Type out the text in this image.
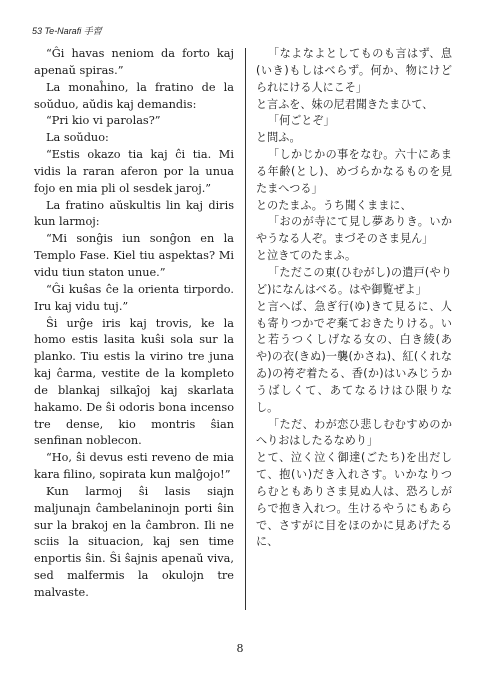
53 Te-Narafi 手習

“Ĝi havas neniom da forto kaj apenaŭ spiras.”

La monaĥino, la fratino de la soŭduo, aŭdis kaj demandis:

“Pri kio vi parolas?”

La soŭduo:

“Estis okazo tia kaj ĉi tia. Mi vidis la raran aferon por la unua fojo en mia pli ol sesdek jaroj.”

La fratino aŭskultis lin kaj diris kun larmoj:

“Mi sonĝis iun sonĝon en la Templo Fase. Kiel tiu aspektas? Mi vidu tiun staton unue.”

“Ĝi kuŝas ĉe la orienta tirpordo. Iru kaj vidu tuj.”

Ŝi urĝe iris kaj trovis, ke la homo estis lasita kuŝi sola sur la planko. Tiu estis la virino tre juna kaj ĉarma, vestite de la kompleto de blankaj silkaĵoj kaj skarlata hakamo. De ŝi odoris bona incenso tre dense, kio montris ŝian senfinan noblecon.

“Ho, ŝi devus esti reveno de mia kara filino, sopirata kun malĝojo!”

Kun larmoj ŝi lasis siajn maljunajn ĉambelaninojn porti ŝin sur la brakoj en la ĉambron. Ili ne sciis la situacion, kaj sen time enportis ŝin. Ŝi ŝajnis apenaŭ viva, sed malfermis la okulojn tre malvaste.

「なよなよとしてものも言はず、息(いき)もしはべらず。何か、物にけどられにける人にこそ」

と言ふを、妹の尼君聞きたまひて、

「何ごとぞ」

と問ふ。

「しかじかの事をなむ。六十にあまる年齢(とし)、めづらかなるものを見たまへつる」

とのたまふ。うち聞くままに、

「おのが寺にて見し夢ありき。いかやうなる人ぞ。まづそのさま見ん」

と泣きてのたまふ。

「ただこの東(ひむがし)の遣戸(やりど)になんはべる。はや御覧ぜよ」

と言へば、急ぎ行(ゆ)きて見るに、人も寄りつかでぞ棄ておきたりける。いと若うつくしげなる女の、白き綾(あや)の衣(きぬ)一襲(かさね)、紅(くれなゐ)の袴ぞ着たる、香(か)はいみじうかうばしくて、あてなるけはひ限りなし。

「ただ、わが恋ひ悲しむむすめのかへりおはしたるなめり」

とて、泣く泣く御達(ごたち)を出だして、抱(い)だき入れさす。いかなりつらむともありさま見ぬ人は、恐ろしがらで抱き入れつ。生けるやうにもあらで、さすがに目をほのかに見あげたるに、

8
